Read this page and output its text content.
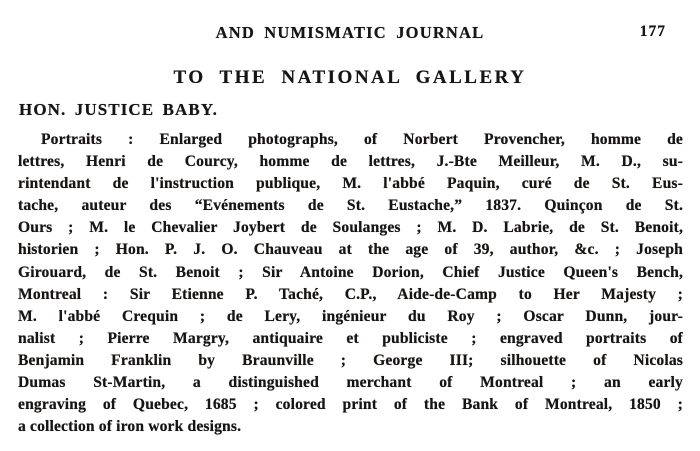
AND NUMISMATIC JOURNAL	177
TO THE NATIONAL GALLERY
HON. JUSTICE BABY.
Portraits : Enlarged photographs, of Norbert Provencher, homme de
lettres, Henri de Courcy, homme de lettres, J.-Bte Meilleur, M. D., su-
rintendant de l'instruction publique, M. l'abbé Paquin, curé de St. Eus-
tache, auteur des “Evénements de St. Eustache,” 1837. Quinçon de St.
Ours ; M. le Chevalier Joybert de Soulanges ; M. D. Labrie, de St. Benoit,
historien ; Hon. P. J. O. Chauveau at the age of 39, author, &c. ; Joseph
Girouard, de St. Benoit ; Sir Antoine Dorion, Chief Justice Queen's Bench,
Montreal : Sir Etienne P. Taché, C.P., Aide-de-Camp to Her Majesty ;
M. l'abbé Crequin ; de Lery, ingénieur du Roy ; Oscar Dunn, jour-
nalist ; Pierre Margry, antiquaire et publiciste ; engraved portraits of
Benjamin Franklin by Braunville ; George III; silhouette of Nicolas
Dumas St-Martin, a distinguished merchant of Montreal ; an early
engraving of Quebec, 1685 ; colored print of the Bank of Montreal, 1850 ;
a collection of iron work designs.
